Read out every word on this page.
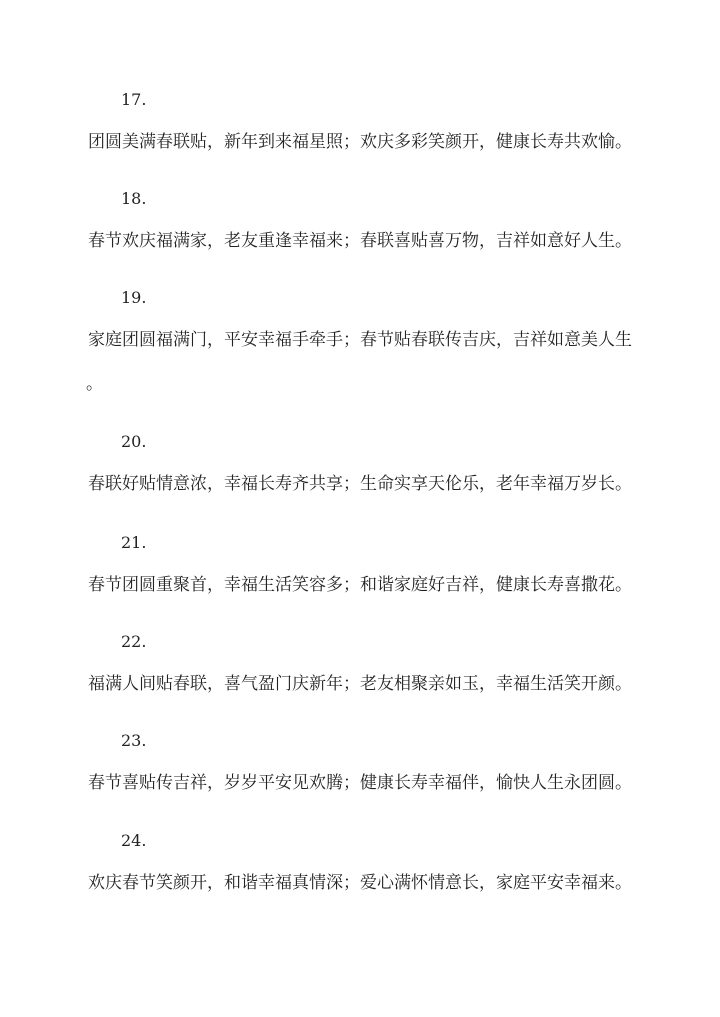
17.
团圆美满春联贴，新年到来福星照；欢庆多彩笑颜开，健康长寿共欢愉。
18.
春节欢庆福满家，老友重逢幸福来；春联喜贴喜万物，吉祥如意好人生。
19.
家庭团圆福满门，平安幸福手牵手；春节贴春联传吉庆，吉祥如意美人生
。
20.
春联好贴情意浓，幸福长寿齐共享；生命实享天伦乐，老年幸福万岁长。
21.
春节团圆重聚首，幸福生活笑容多；和谐家庭好吉祥，健康长寿喜撒花。
22.
福满人间贴春联，喜气盈门庆新年；老友相聚亲如玉，幸福生活笑开颜。
23.
春节喜贴传吉祥，岁岁平安见欢腾；健康长寿幸福伴，愉快人生永团圆。
24.
欢庆春节笑颜开，和谐幸福真情深；爱心满怀情意长，家庭平安幸福来。
